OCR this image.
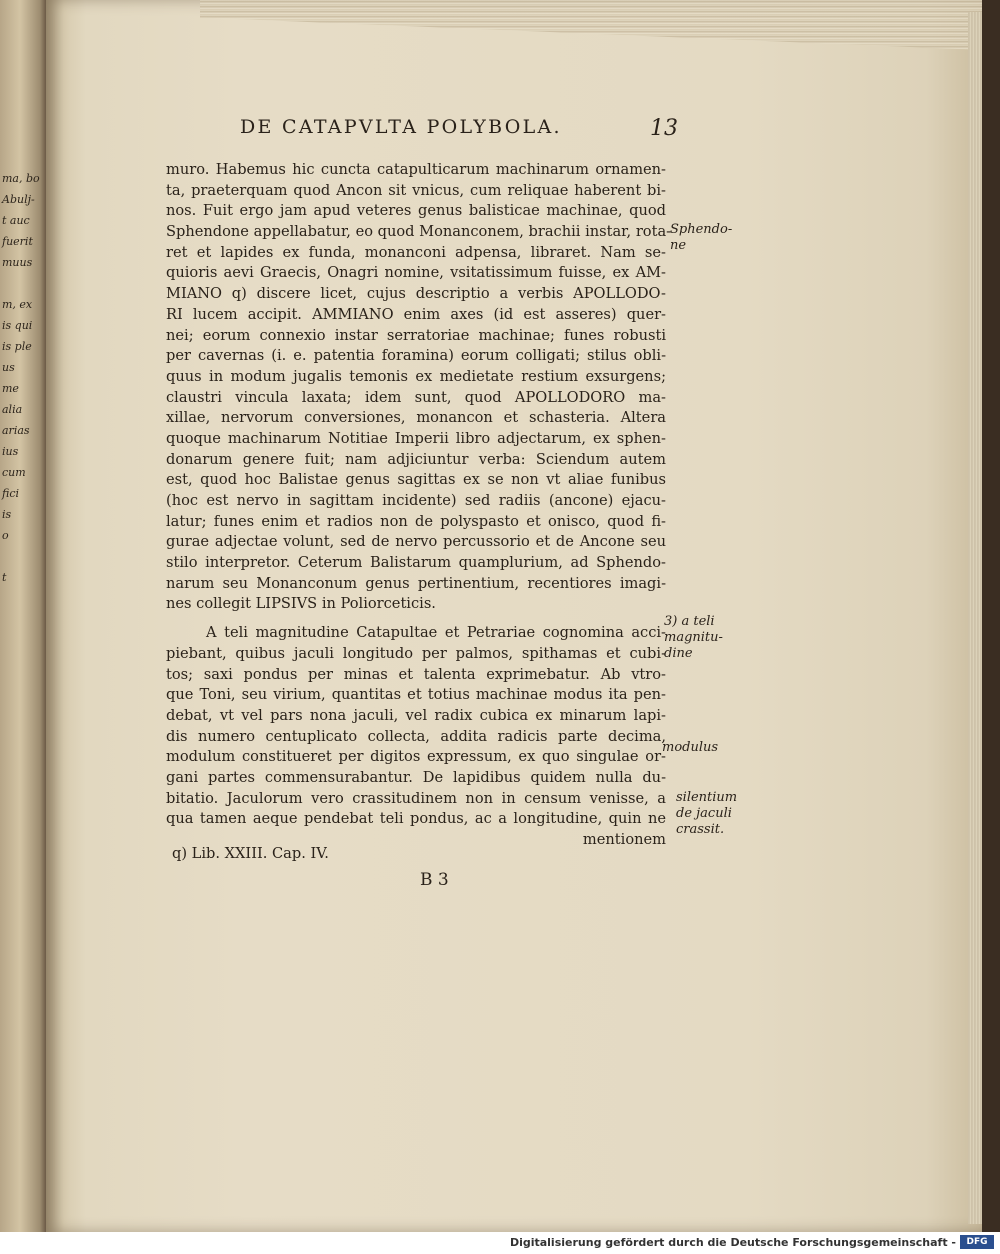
ma, bo
Abulj-
t auc
fuerit
muus
m, ex
is qui
is ple
us
me
alia
arias
ius
cum
fici
is
o
t
DE CATAPVLTA POLYBOLA.	13
muro. Habemus hic cuncta catapulticarum machinarum ornamen-
ta, praeterquam quod Ancon sit vnicus, cum reliquae haberent bi-
nos. Fuit ergo jam apud veteres genus balisticae machinae, quod
Sphendone appellabatur, eo quod Monanconem, brachii instar, rota-
ret et lapides ex funda, monanconi adpensa, libraret. Nam se-
quioris aevi Graecis, Onagri nomine, vsitatissimum fuisse, ex AM-
MIANO q) discere licet, cujus descriptio a verbis APOLLODO-
RI lucem accipit. AMMIANO enim axes (id est asseres) quer-
nei; eorum connexio instar serratoriae machinae; funes robusti
per cavernas (i. e. patentia foramina) eorum colligati; stilus obli-
quus in modum jugalis temonis ex medietate restium exsurgens;
claustri vincula laxata; idem sunt, quod APOLLODORO ma-
xillae, nervorum conversiones, monancon et schasteria. Altera
quoque machinarum Notitiae Imperii libro adjectarum, ex sphen-
donarum genere fuit; nam adjiciuntur verba: Sciendum autem
est, quod hoc Balistae genus sagittas ex se non vt aliae funibus
(hoc est nervo in sagittam incidente) sed radiis (ancone) ejacu-
latur; funes enim et radios non de polyspasto et onisco, quod fi-
gurae adjectae volunt, sed de nervo percussorio et de Ancone seu
stilo interpretor. Ceterum Balistarum quamplurium, ad Sphendo-
narum seu Monanconum genus pertinentium, recentiores imagi-
nes collegit LIPSIVS in Poliorceticis.
A teli magnitudine Catapultae et Petrariae cognomina acci-
piebant, quibus jaculi longitudo per palmos, spithamas et cubi-
tos; saxi pondus per minas et talenta exprimebatur. Ab vtro-
que Toni, seu virium, quantitas et totius machinae modus ita pen-
debat, vt vel pars nona jaculi, vel radix cubica ex minarum lapi-
dis numero centuplicato collecta, addita radicis parte decima,
modulum constitueret per digitos expressum, ex quo singulae or-
gani partes commensurabantur. De lapidibus quidem nulla du-
bitatio. Jaculorum vero crassitudinem non in censum venisse, a
qua tamen aeque pendebat teli pondus, ac a longitudine, quin ne
mentionem
Sphendo-
ne
3) a teli
magnitu-
dine
modulus
silentium
de jaculi
crassit.
q) Lib. XXIII. Cap. IV.
B 3
Digitalisierung gefördert durch die Deutsche Forschungsgemeinschaft -	DFG
